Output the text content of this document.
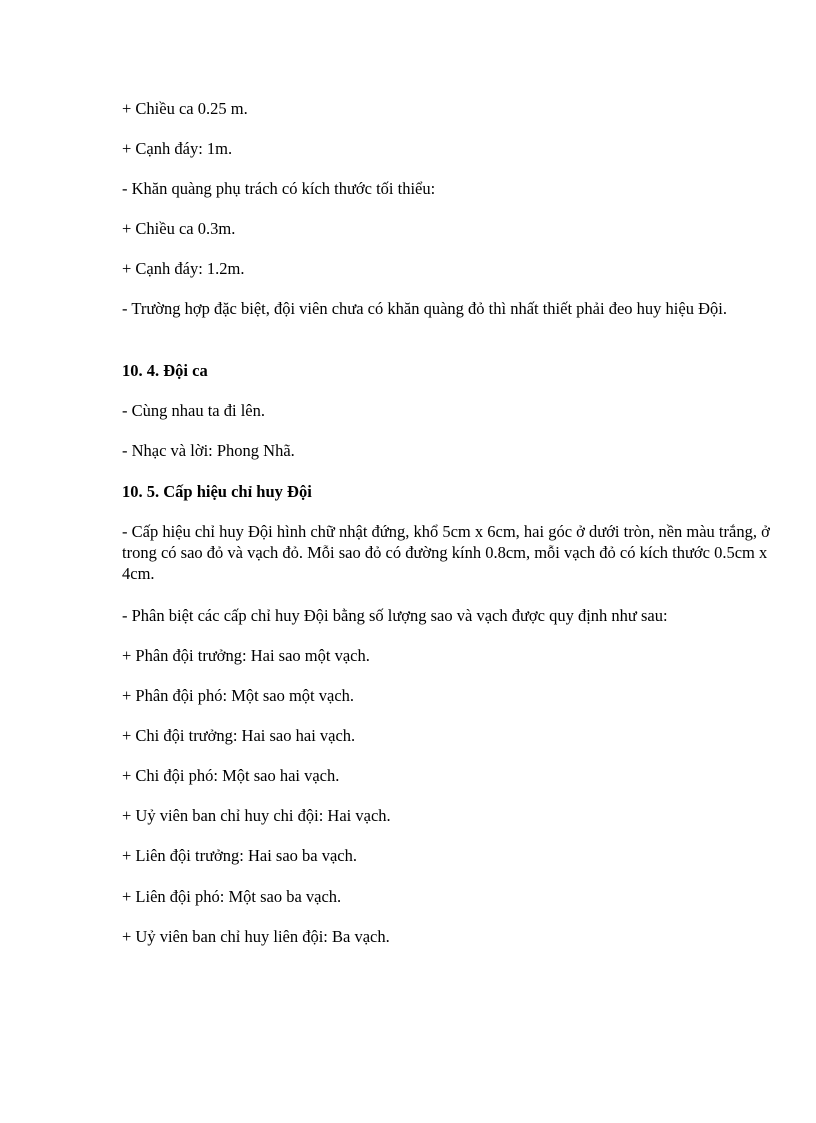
+ Chiều ca 0.25 m.
+ Cạnh đáy: 1m.
- Khăn quàng phụ trách có kích thước tối thiểu:
+ Chiều ca 0.3m.
+ Cạnh đáy: 1.2m.
- Trường hợp đặc biệt, đội viên chưa có khăn quàng đỏ thì nhất thiết phải đeo huy hiệu Đội.
10. 4. Đội ca
- Cùng nhau ta đi lên.
- Nhạc và lời: Phong Nhã.
10. 5. Cấp hiệu chỉ huy Đội
- Cấp hiệu chỉ huy Đội hình chữ nhật đứng, khổ 5cm x 6cm, hai góc ở dưới tròn, nền màu trắng, ở trong có sao đỏ và vạch đỏ. Mỗi sao đỏ có đường kính 0.8cm, mỗi vạch đỏ có kích thước 0.5cm x 4cm.
- Phân biệt các cấp chỉ huy Đội bằng số lượng sao và vạch được quy định như sau:
+ Phân đội trưởng: Hai sao một vạch.
+ Phân đội phó: Một sao một vạch.
+ Chi đội trưởng: Hai sao hai vạch.
+ Chi đội phó: Một sao hai vạch.
+ Uỷ viên ban chỉ huy chi đội: Hai vạch.
+ Liên đội trưởng: Hai sao ba vạch.
+ Liên đội phó: Một sao ba vạch.
+ Uỷ viên ban chỉ huy liên đội: Ba vạch.
